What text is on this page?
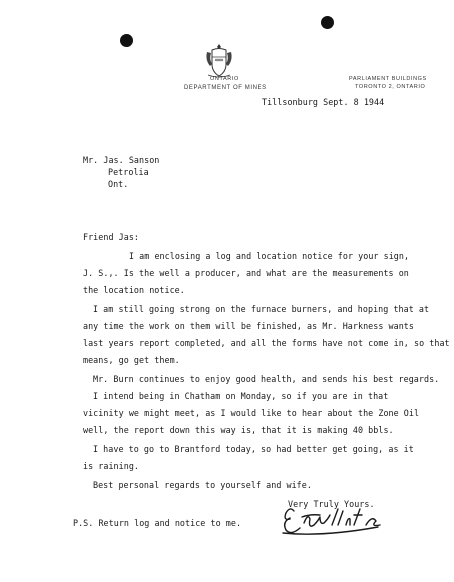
ONTARIO
DEPARTMENT OF MINES
PARLIAMENT BUILDINGS
TORONTO 2, ONTARIO
Tillsonburg Sept. 8 1944
Mr. Jas. Sanson
Petrolia
Ont.
Friend Jas:
I am enclosing a log and location notice for your sign,
J. S.,. Is the well a producer, and what are the measurements on
the location notice.
I am still going strong on the furnace burners, and hoping that at
any time the work on them will be finished, as Mr. Harkness wants
last years report completed, and all the forms have not come in, so that
means, go get them.
Mr. Burn continues to enjoy good health, and sends his best regards.
I intend being in Chatham on Monday, so if you are in that
vicinity we might meet, as I would like to hear about the Zone Oil
well, the report down this way is, that it is making 40 bbls.
I have to go to Brantford today, so had better get going, as it
is raining.
Best personal regards to yourself and wife.
Very Truly Yours.
P.S. Return log and notice to me.
